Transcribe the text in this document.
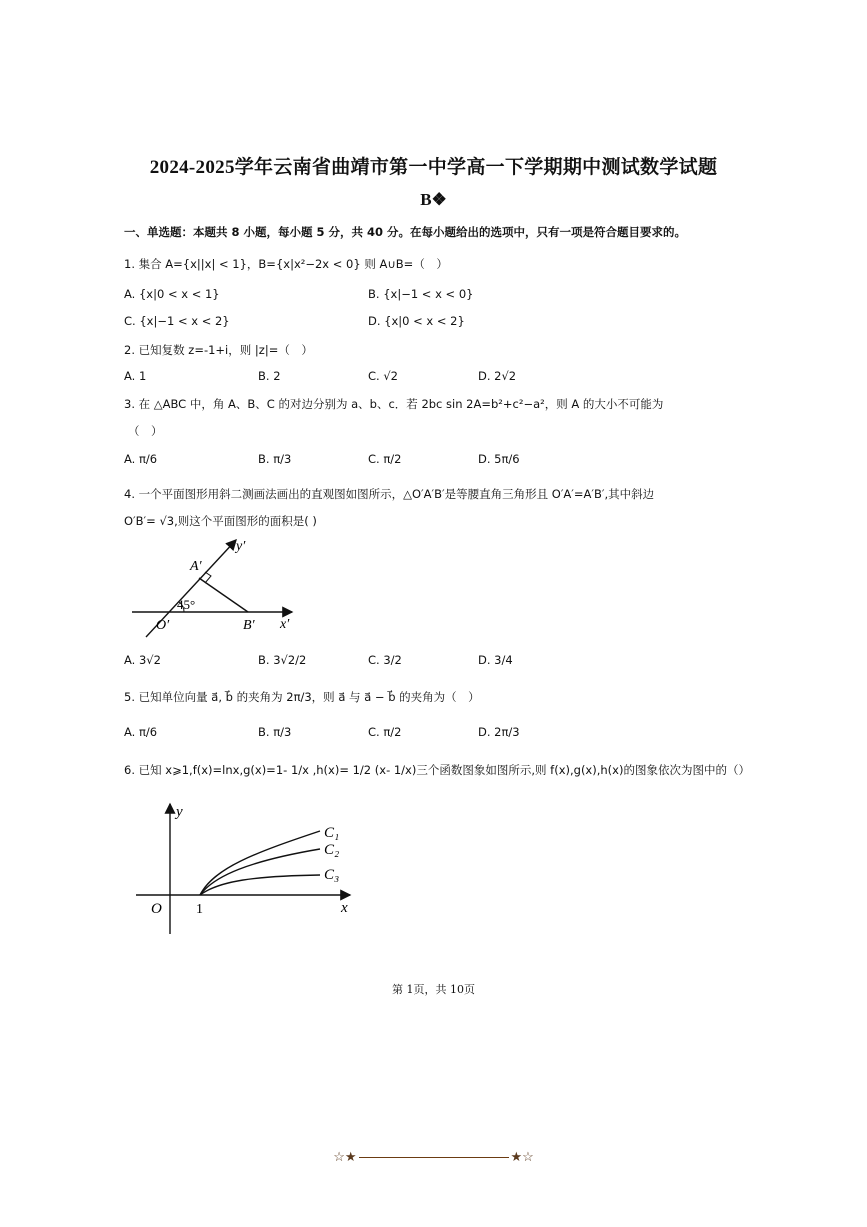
2024-2025学年云南省曲靖市第一中学高一下学期期中测试数学试题
B❖
一、单选题：本题共 8 小题，每小题 5 分，共 40 分。在每小题给出的选项中，只有一项是符合题目要求的。
1. 集合 A={x||x| < 1}，B={x|x²−2x < 0} 则 A∪B=（　）
A. {x|0 < x < 1}	B. {x|−1 < x < 0}
C. {x|−1 < x < 2}	D. {x|0 < x < 2}
2. 已知复数 z=-1+i，则 |z|=（　）
A. 1	B. 2	C. √2	D. 2√2
3. 在 △ABC 中，角 A、B、C 的对边分别为 a、b、c．若 2bc sin 2A=b²+c²−a²，则 A 的大小不可能为
（　）
A. π/6	B. π/3	C. π/2	D. 5π/6
4. 一个平面图形用斜二测画法画出的直观图如图所示，△O′A′B′是等腰直角三角形且 O′A′=A′B′,其中斜边
O′B′= √3,则这个平面图形的面积是( )
y′
A′
45°
O′	B′ x′
A. 3√2	B. 3√2/2	C. 3/2	D. 3/4
5. 已知单位向量 a⃗, b⃗ 的夹角为 2π/3，则 a⃗ 与 a⃗ − b⃗ 的夹角为（　）
A. π/6	B. π/3	C. π/2	D. 2π/3
6. 已知 x⩾1,f(x)=lnx,g(x)=1- 1/x ,h(x)= 1/2 (x- 1/x)三个函数图象如图所示,则 f(x),g(x),h(x)的图象依次为图中的（）
y
C₁
C₂
C₃
O 1	x
第 1页，共 10页
☆★	★☆
